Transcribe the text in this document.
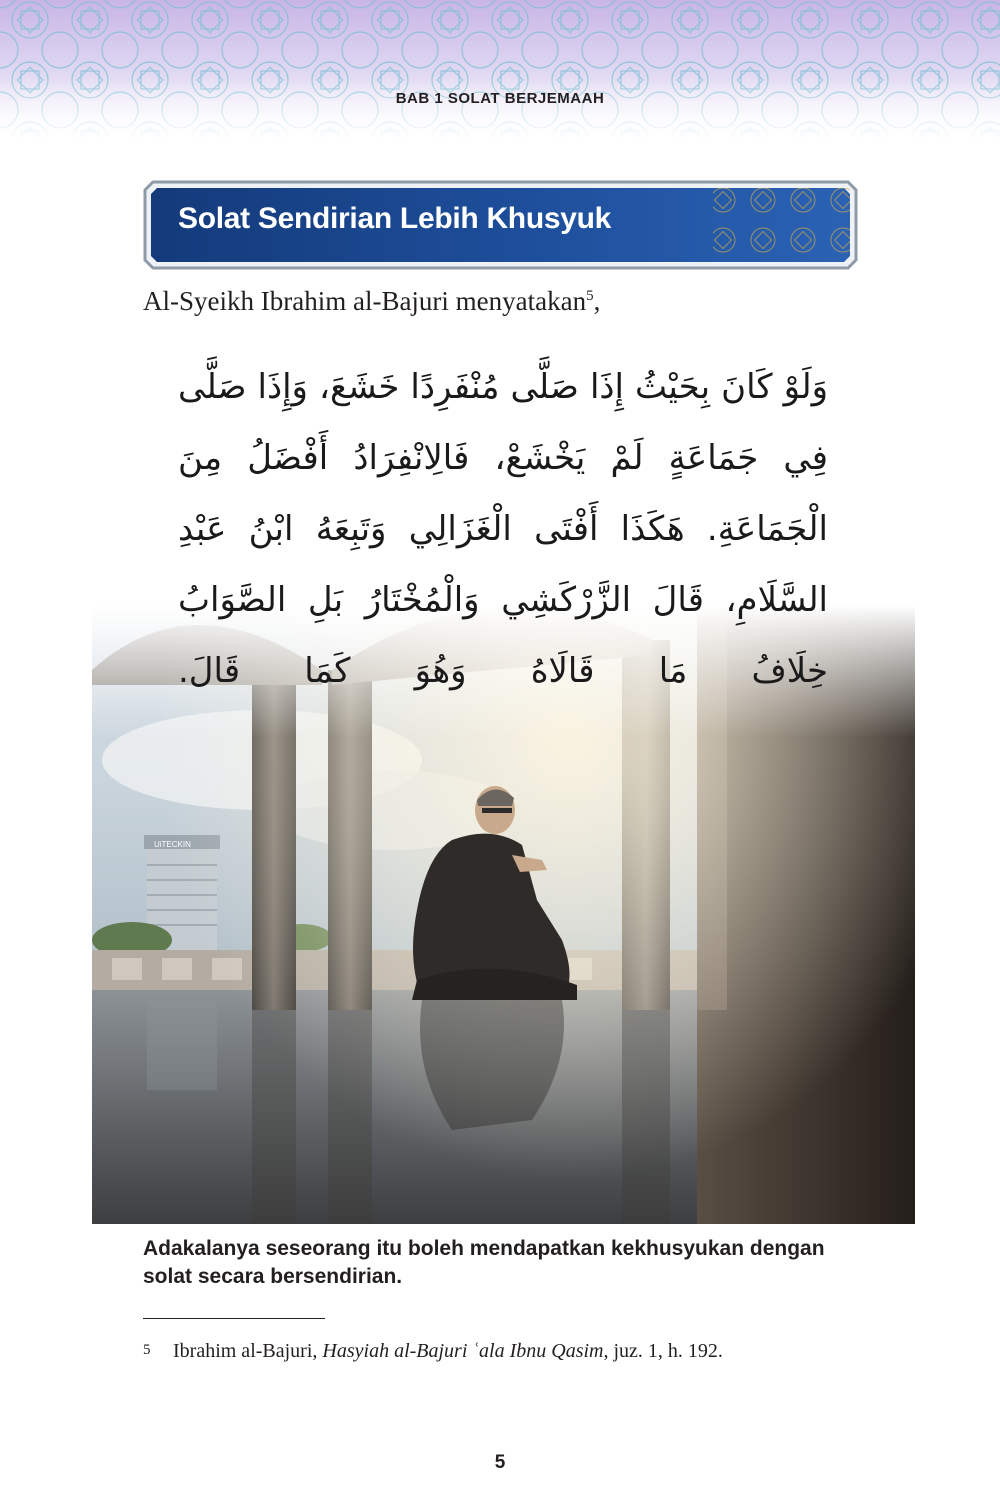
BAB 1 SOLAT BERJEMAAH
Solat Sendirian Lebih Khusyuk
Al-Syeikh Ibrahim al-Bajuri menyatakan$^5$,
وَلَوْ كَانَ بِحَيْثُ إِذَا صَلَّى مُنْفَرِدًا خَشَعَ، وَإِذَا صَلَّى فِي جَمَاعَةٍ لَمْ يَخْشَعْ، فَالِانْفِرَادُ أَفْضَلُ مِنَ الْجَمَاعَةِ. هَكَذَا أَفْتَى الْغَزَالِي وَتَبِعَهُ ابْنُ عَبْدِ السَّلَامِ، قَالَ الزَّرْكَشِي وَالْمُخْتَارُ بَلِ الصَّوَابُ خِلَافُ مَا قَالَاهُ وَهُوَ كَمَا قَالَ.
Adakalanya seseorang itu boleh mendapatkan kekhusyukan dengan solat secara bersendirian.
5 Ibrahim al-Bajuri, Hasyiah al-Bajuri ʿala Ibnu Qasim, juz. 1, h. 192.
5
